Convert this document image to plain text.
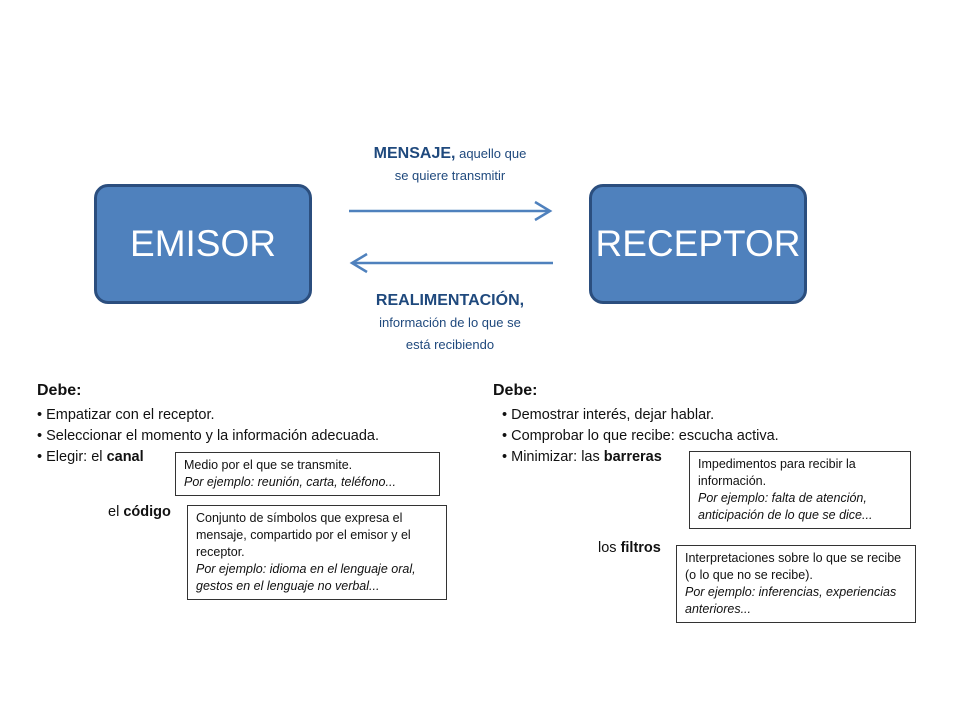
EMISOR	RECEPTOR
MENSAJE, aquello que
se quiere transmitir
REALIMENTACIÓN,
información de lo que se
está recibiendo
Debe:
• Empatizar con el receptor.
• Seleccionar el momento y la información adecuada.
• Elegir: el canal	Medio por el que se transmite.
Por ejemplo: reunión, carta, teléfono...
el código	Conjunto de símbolos que expresa el mensaje, compartido por el emisor y el receptor.
Por ejemplo: idioma en el lenguaje oral, gestos en el lenguaje no verbal...
Debe:
• Demostrar interés, dejar hablar.
• Comprobar lo que recibe: escucha activa.
• Minimizar: las barreras	Impedimentos para recibir la información.
Por ejemplo: falta de atención, anticipación de lo que se dice...
los filtros
Interpretaciones sobre lo que se recibe (o lo que no se recibe).
Por ejemplo: inferencias, experiencias anteriores...
